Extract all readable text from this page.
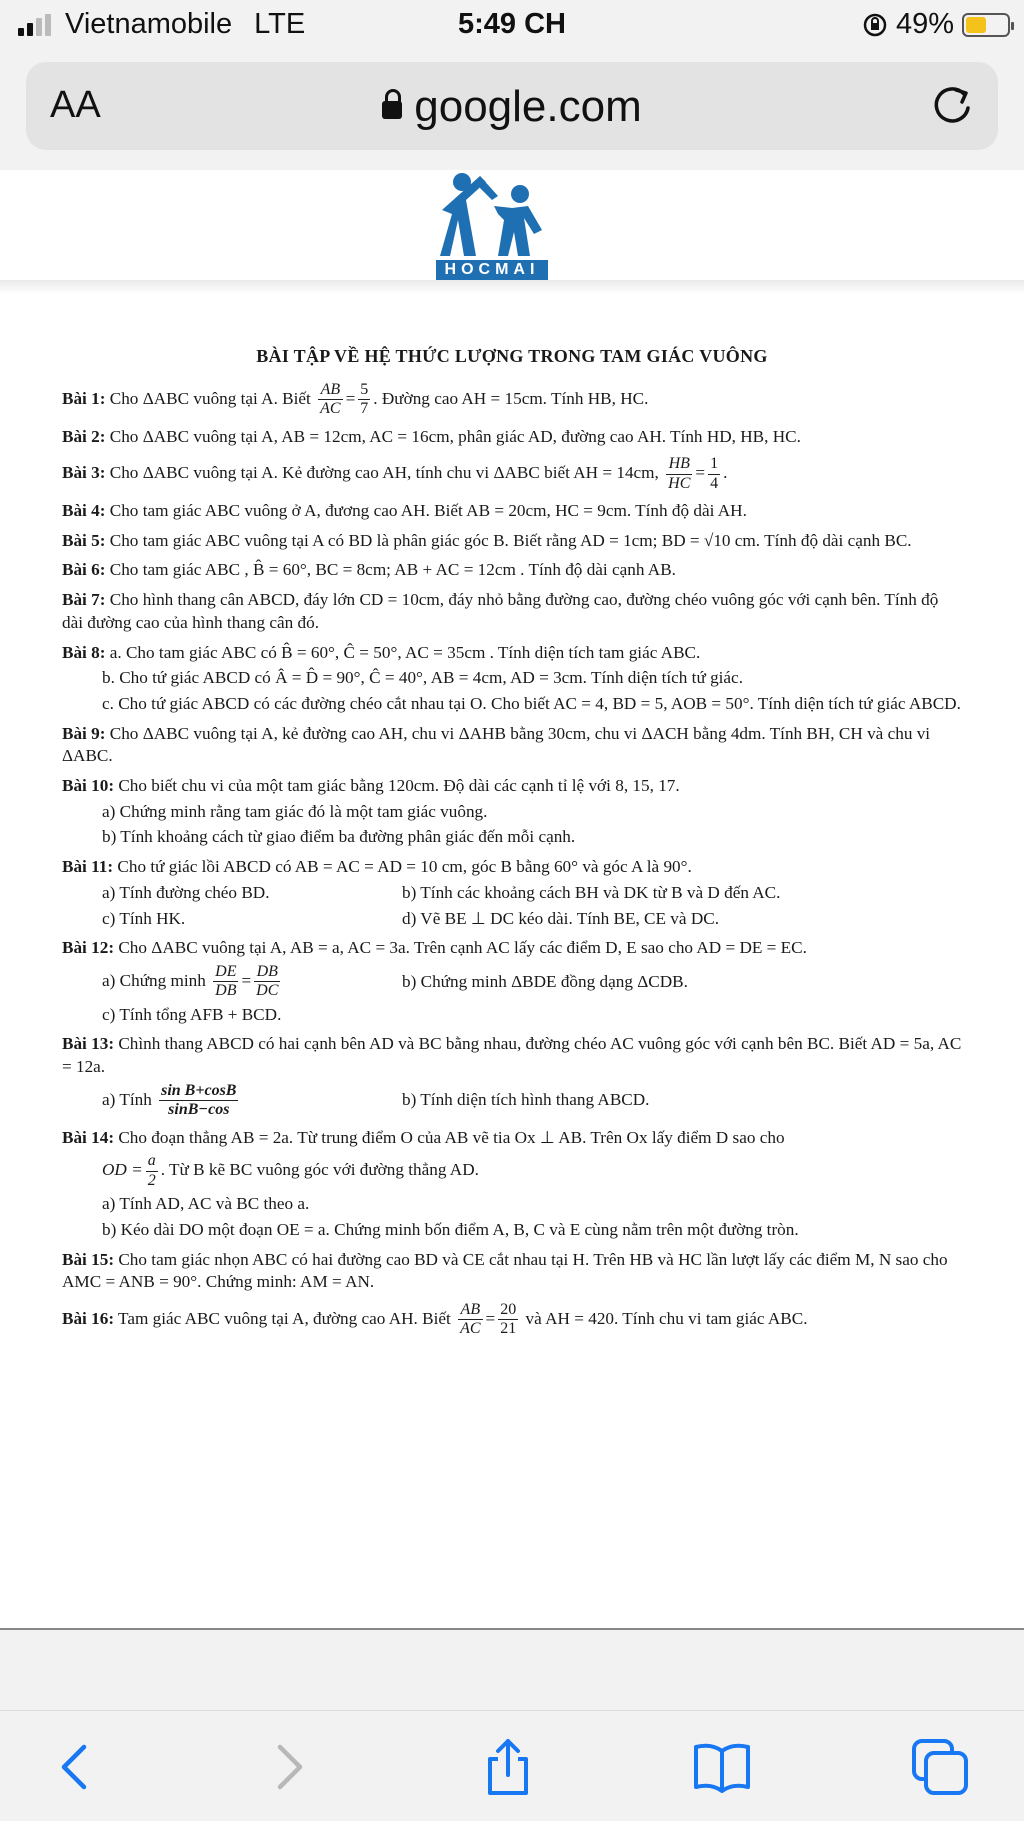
Vietnamobile LTE	5:49 CH	49%
AA	google.com
HOCMAI
BÀI TẬP VỀ HỆ THỨC LƯỢNG TRONG TAM GIÁC VUÔNG

Bài 1: Cho ΔABC vuông tại A. Biết $\frac{AB}{AC} = \frac{5}{7}$ . Đường cao AH = 15cm. Tính HB, HC.

Bài 2: Cho ΔABC vuông tại A, AB = 12cm, AC = 16cm, phân giác AD, đường cao AH. Tính HD, HB, HC.

Bài 3: Cho ΔABC vuông tại A. Kẻ đường cao AH, tính chu vi ΔABC biết AH = 14cm, $\frac{HB}{HC} = \frac{1}{4}$ .

Bài 4: Cho tam giác ABC vuông ở A, đương cao AH. Biết AB = 20cm, HC = 9cm. Tính độ dài AH.

Bài 5: Cho tam giác ABC vuông tại A có BD là phân giác góc B. Biết rằng AD = 1cm; BD = √10 cm. Tính độ dài cạnh BC.

Bài 6: Cho tam giác ABC , B̂ = 60°, BC = 8cm; AB + AC = 12cm . Tính độ dài cạnh AB.

Bài 7: Cho hình thang cân ABCD, đáy lớn CD = 10cm, đáy nhỏ bằng đường cao, đường chéo vuông góc với cạnh bên. Tính độ dài đường cao của hình thang cân đó.

Bài 8: a. Cho tam giác ABC có B̂ = 60°, Ĉ = 50°, AC = 35cm . Tính diện tích tam giác ABC.

b. Cho tứ giác ABCD có Â = D̂ = 90°, Ĉ = 40°, AB = 4cm, AD = 3cm. Tính diện tích tứ giác.

c. Cho tứ giác ABCD có các đường chéo cắt nhau tại O. Cho biết AC = 4, BD = 5, AOB = 50°. Tính diện tích tứ giác ABCD.

Bài 9: Cho ΔABC vuông tại A, kẻ đường cao AH, chu vi ΔAHB bằng 30cm, chu vi ΔACH bằng 4dm. Tính BH, CH và chu vi ΔABC.

Bài 10: Cho biết chu vi của một tam giác bằng 120cm. Độ dài các cạnh tỉ lệ với 8, 15, 17.

a) Chứng minh rằng tam giác đó là một tam giác vuông.

b) Tính khoảng cách từ giao điểm ba đường phân giác đến mỗi cạnh.

Bài 11: Cho tứ giác lồi ABCD có AB = AC = AD = 10 cm, góc B bằng 60° và góc A là 90°.

a) Tính đường chéo BD.	b) Tính các khoảng cách BH và DK từ B và D đến AC.

c) Tính HK.	d) Vẽ BE ⊥ DC kéo dài. Tính BE, CE và DC.

Bài 12: Cho ΔABC vuông tại A, AB = a, AC = 3a. Trên cạnh AC lấy các điểm D, E sao cho AD = DE = EC.

a) Chứng minh $\frac{DE}{DB} = \frac{DB}{DC}$	b) Chứng minh ΔBDE đồng dạng ΔCDB.

c) Tính tổng AFB + BCD.

Bài 13: Chình thang ABCD có hai cạnh bên AD và BC bằng nhau, đường chéo AC vuông góc với cạnh bên BC. Biết AD = 5a, AC = 12a.

a) Tính $\frac{\text{sin B+cosB}}{\sin B-\cos}$	b) Tính diện tích hình thang ABCD.

Bài 14: Cho đoạn thẳng AB = 2a. Từ trung điểm O của AB vẽ tia Ox ⊥ AB. Trên Ox lấy điểm D sao cho

OD = $\frac{a}{2}$ . Từ B kẽ BC vuông góc với đường thẳng AD.

a) Tính AD, AC và BC theo a.

b) Kéo dài DO một đoạn OE = a. Chứng minh bốn điểm A, B, C và E cùng nằm trên một đường tròn.

Bài 15: Cho tam giác nhọn ABC có hai đường cao BD và CE cắt nhau tại H. Trên HB và HC lần lượt lấy các điểm M, N sao cho AMC = ANB = 90°. Chứng minh: AM = AN.

Bài 16: Tam giác ABC vuông tại A, đường cao AH. Biết $\frac{AB}{AC} = \frac{20}{21}$ và AH = 420. Tính chu vi tam giác ABC.
